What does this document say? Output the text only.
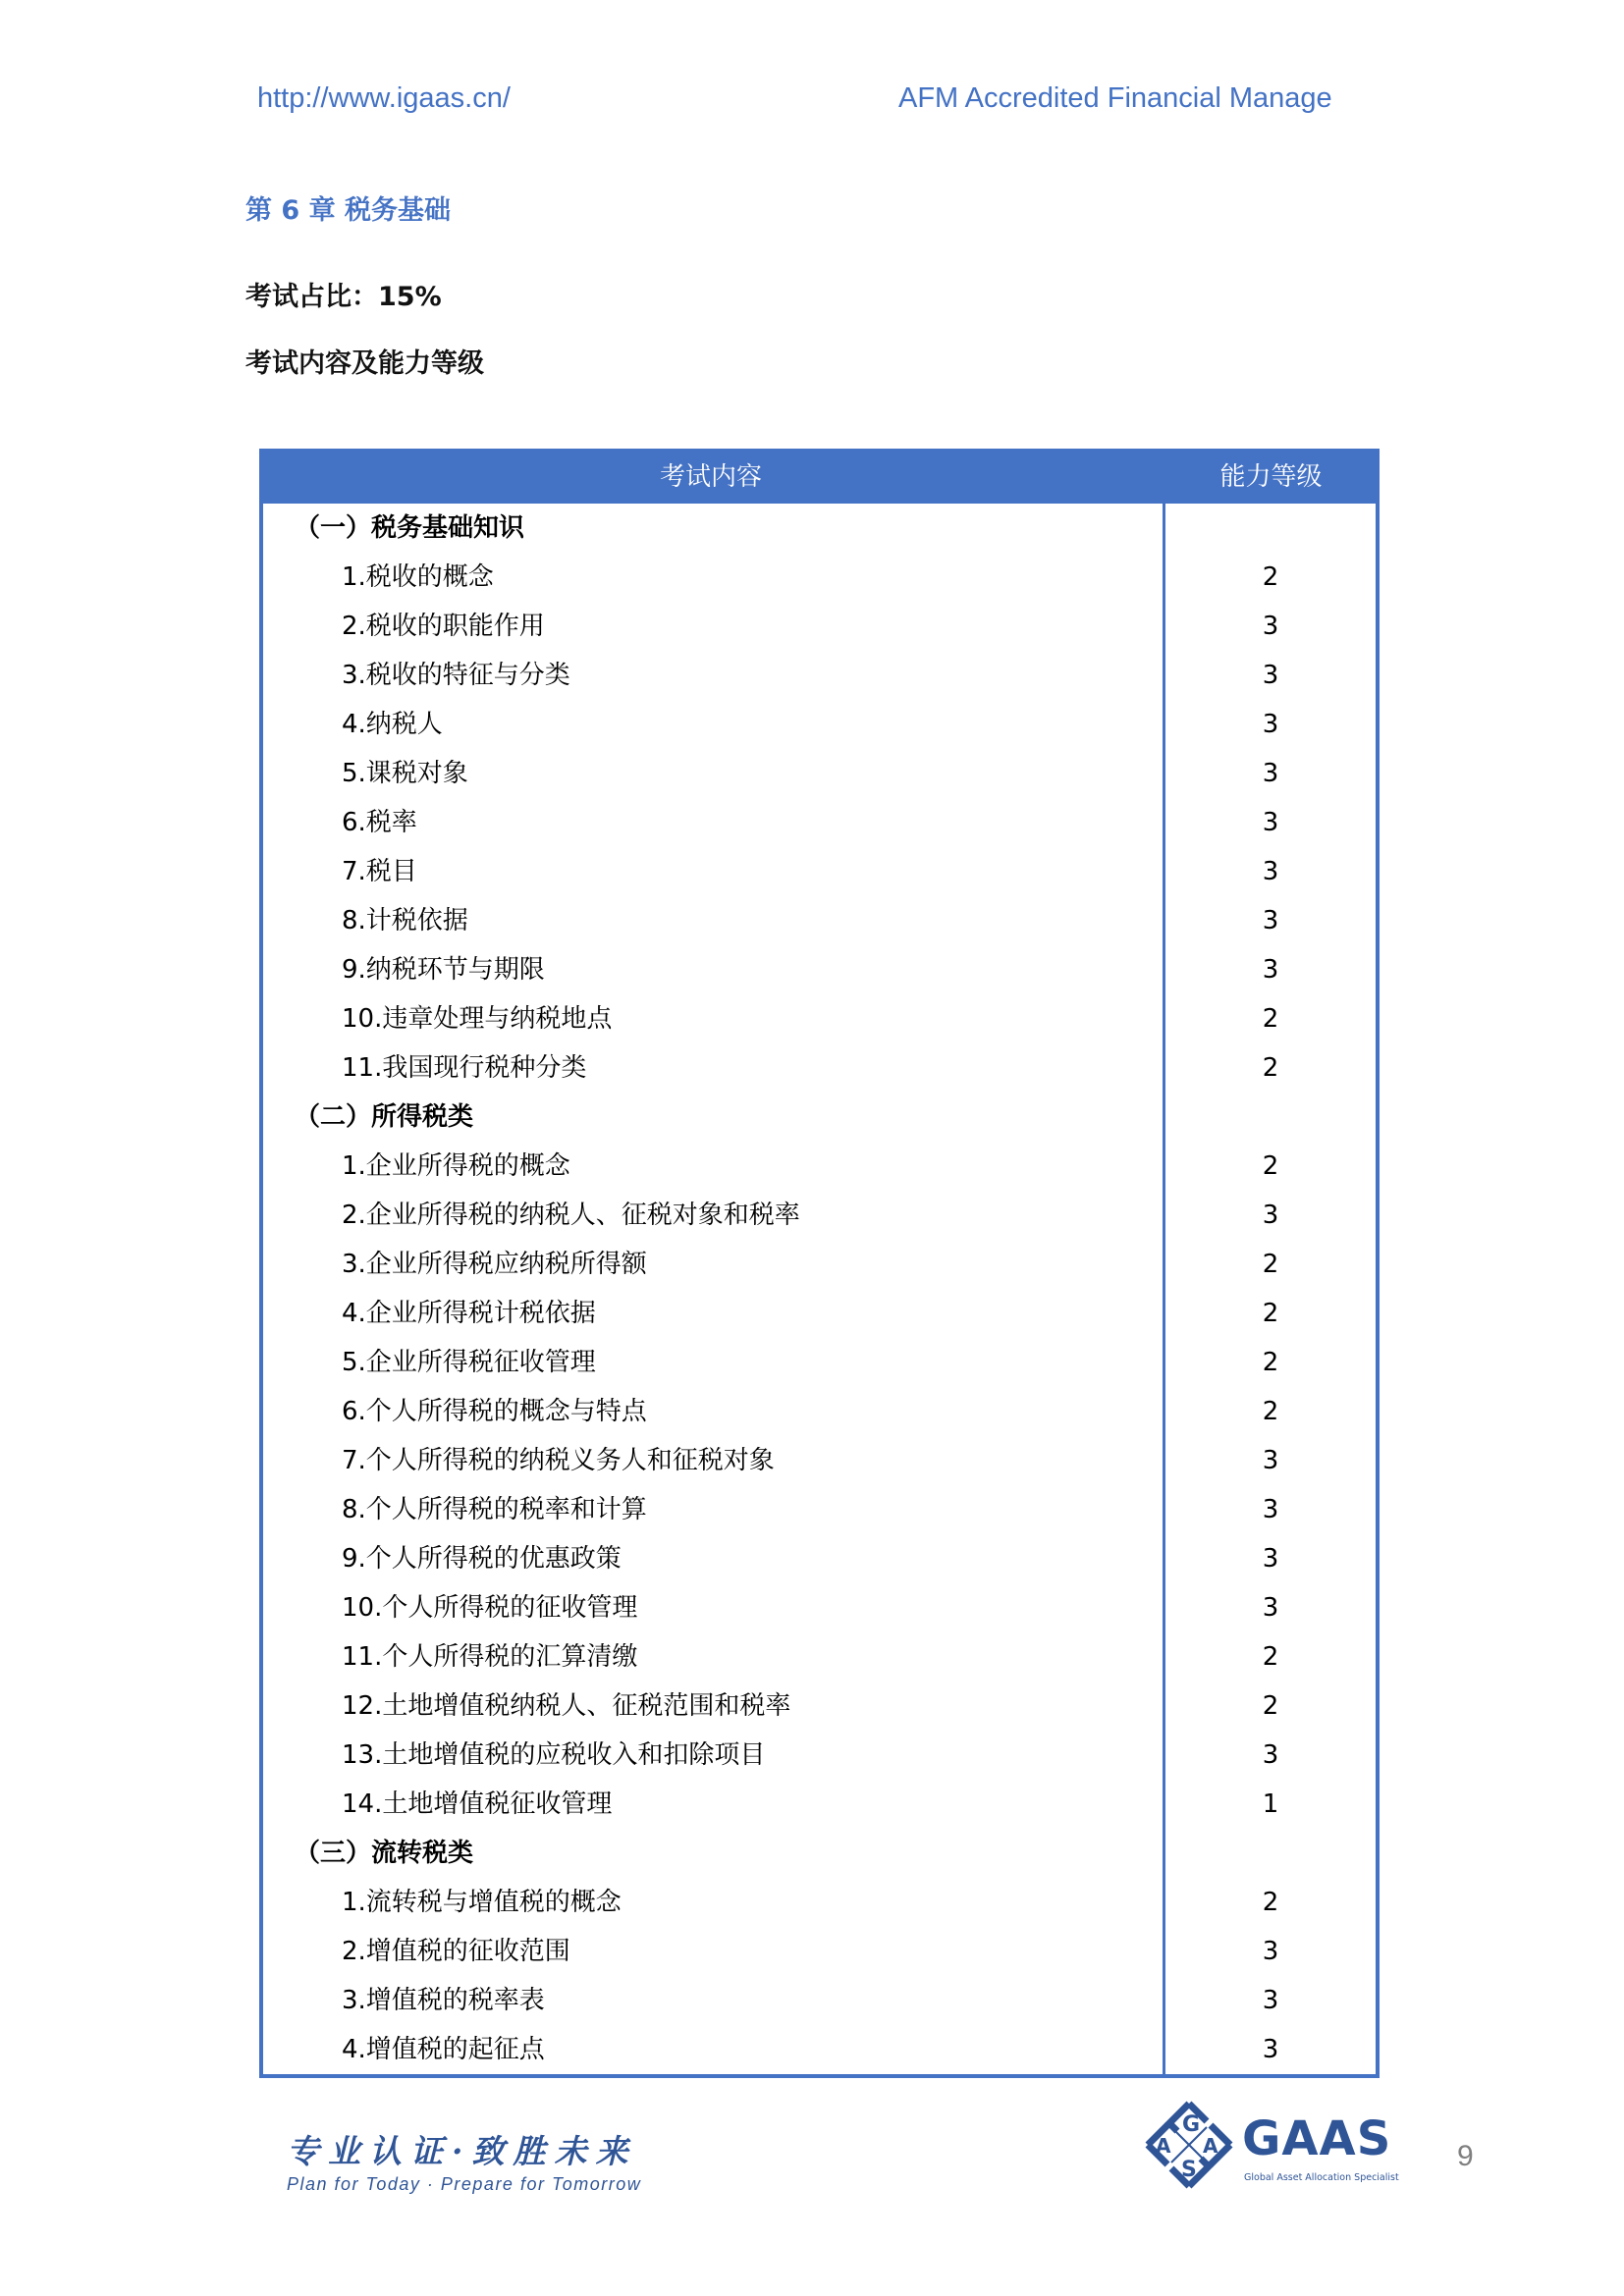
http://www.igaas.cn/	AFM Accredited Financial Manage
第 6 章 税务基础
考试占比：15%
考试内容及能力等级
考试内容	能力等级
（一）税务基础知识
1.税收的概念	2
2.税收的职能作用	3
3.税收的特征与分类	3
4.纳税人	3
5.课税对象	3
6.税率	3
7.税目	3
8.计税依据	3
9.纳税环节与期限	3
10.违章处理与纳税地点	2
11.我国现行税种分类	2
（二）所得税类
1.企业所得税的概念	2
2.企业所得税的纳税人、征税对象和税率	3
3.企业所得税应纳税所得额	2
4.企业所得税计税依据	2
5.企业所得税征收管理	2
6.个人所得税的概念与特点	2
7.个人所得税的纳税义务人和征税对象	3
8.个人所得税的税率和计算	3
9.个人所得税的优惠政策	3
10.个人所得税的征收管理	3
11.个人所得税的汇算清缴	2
12.土地增值税纳税人、征税范围和税率	2
13.土地增值税的应税收入和扣除项目	3
14.土地增值税征收管理	1
（三）流转税类
1.流转税与增值税的概念	2
2.增值税的征收范围	3
3.增值税的税率表	3
4.增值税的起征点	3
专业认证·致胜未来
Plan for Today · Prepare for Tomorrow
G
A A
S
GAAS
Global Asset Allocation Specialist
9
